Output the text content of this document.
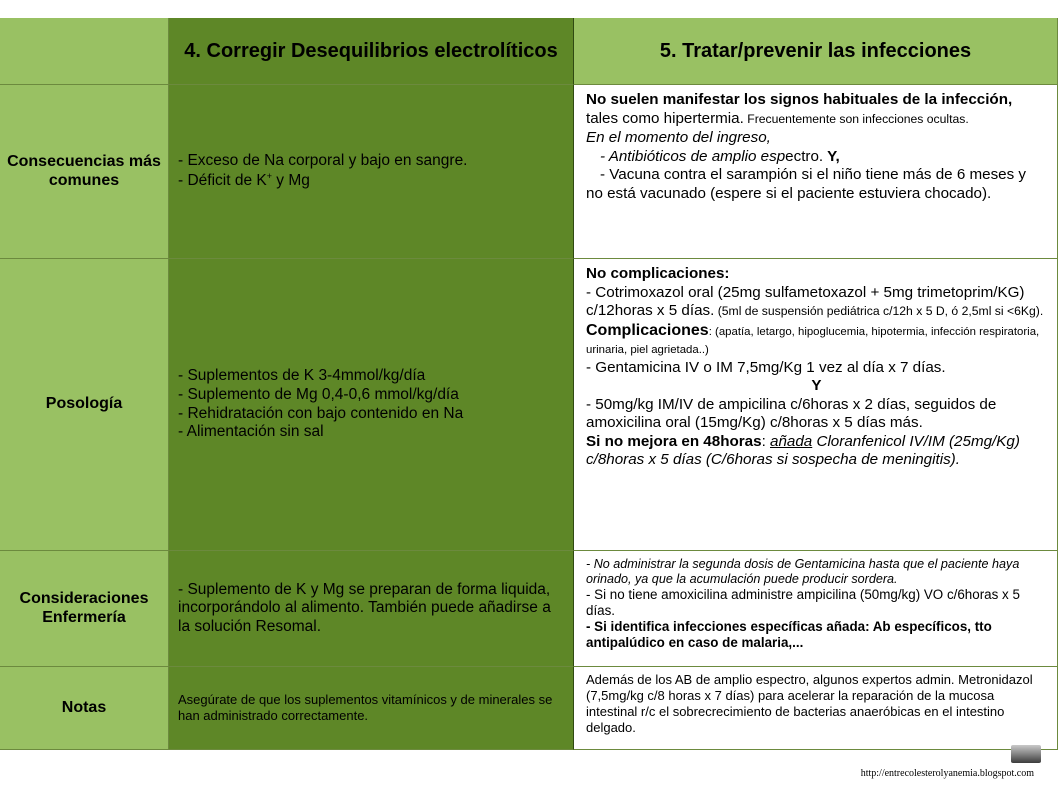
4. Corregir Desequilibrios electrolíticos	5. Tratar/prevenir las infecciones
Consecuencias más comunes
- Exceso de Na corporal y bajo en sangre.
- Déficit de K+ y Mg

No suelen manifestar los signos habituales de la infección, tales como hipertermia. Frecuentemente son infecciones ocultas.

En el momento del ingreso,

- Antibióticos de amplio espectro. Y,

- Vacuna contra el sarampión si el niño tiene más de 6 meses y no está vacunado (espere si el paciente estuviera chocado).

Posología
- Suplementos de K 3-4mmol/kg/día
- Suplemento de Mg 0,4-0,6 mmol/kg/día
- Rehidratación con bajo contenido en Na
- Alimentación sin sal

No complicaciones:

- Cotrimoxazol oral (25mg sulfametoxazol + 5mg trimetoprim/KG) c/12horas x 5 días. (5ml de suspensión pediátrica c/12h x 5 D, ó 2,5ml si <6Kg).

Complicaciones: (apatía, letargo, hipoglucemia, hipotermia, infección respiratoria, urinaria, piel agrietada..)

- Gentamicina IV o IM 7,5mg/Kg 1 vez al día x 7 días.

Y

- 50mg/kg IM/IV de ampicilina c/6horas x 2 días, seguidos de amoxicilina oral (15mg/Kg) c/8horas x 5 días más.

Si no mejora en 48horas: añada Cloranfenicol IV/IM (25mg/Kg) c/8horas x 5 días (C/6horas si sospecha de meningitis).

Consideraciones Enfermería
- Suplemento de K y Mg se preparan de forma liquida, incorporándolo al alimento. También puede añadirse a la solución Resomal.

- No administrar la segunda dosis de Gentamicina hasta que el paciente haya orinado, ya que la acumulación puede producir sordera.

- Si no tiene amoxicilina administre ampicilina (50mg/kg) VO c/6horas x 5 días.

- Si identifica infecciones específicas añada: Ab específicos, tto antipalúdico en caso de malaria,...

Notas	Asegúrate de que los suplementos vitamínicos y de minerales se han administrado correctamente.
Además de los AB de amplio espectro, algunos expertos admin. Metronidazol (7,5mg/kg c/8 horas x 7 días) para acelerar la reparación de la mucosa intestinal r/c el sobrecrecimiento de bacterias anaeróbicas en el intestino delgado.
http://entrecolesterolyanemia.blogspot.com
